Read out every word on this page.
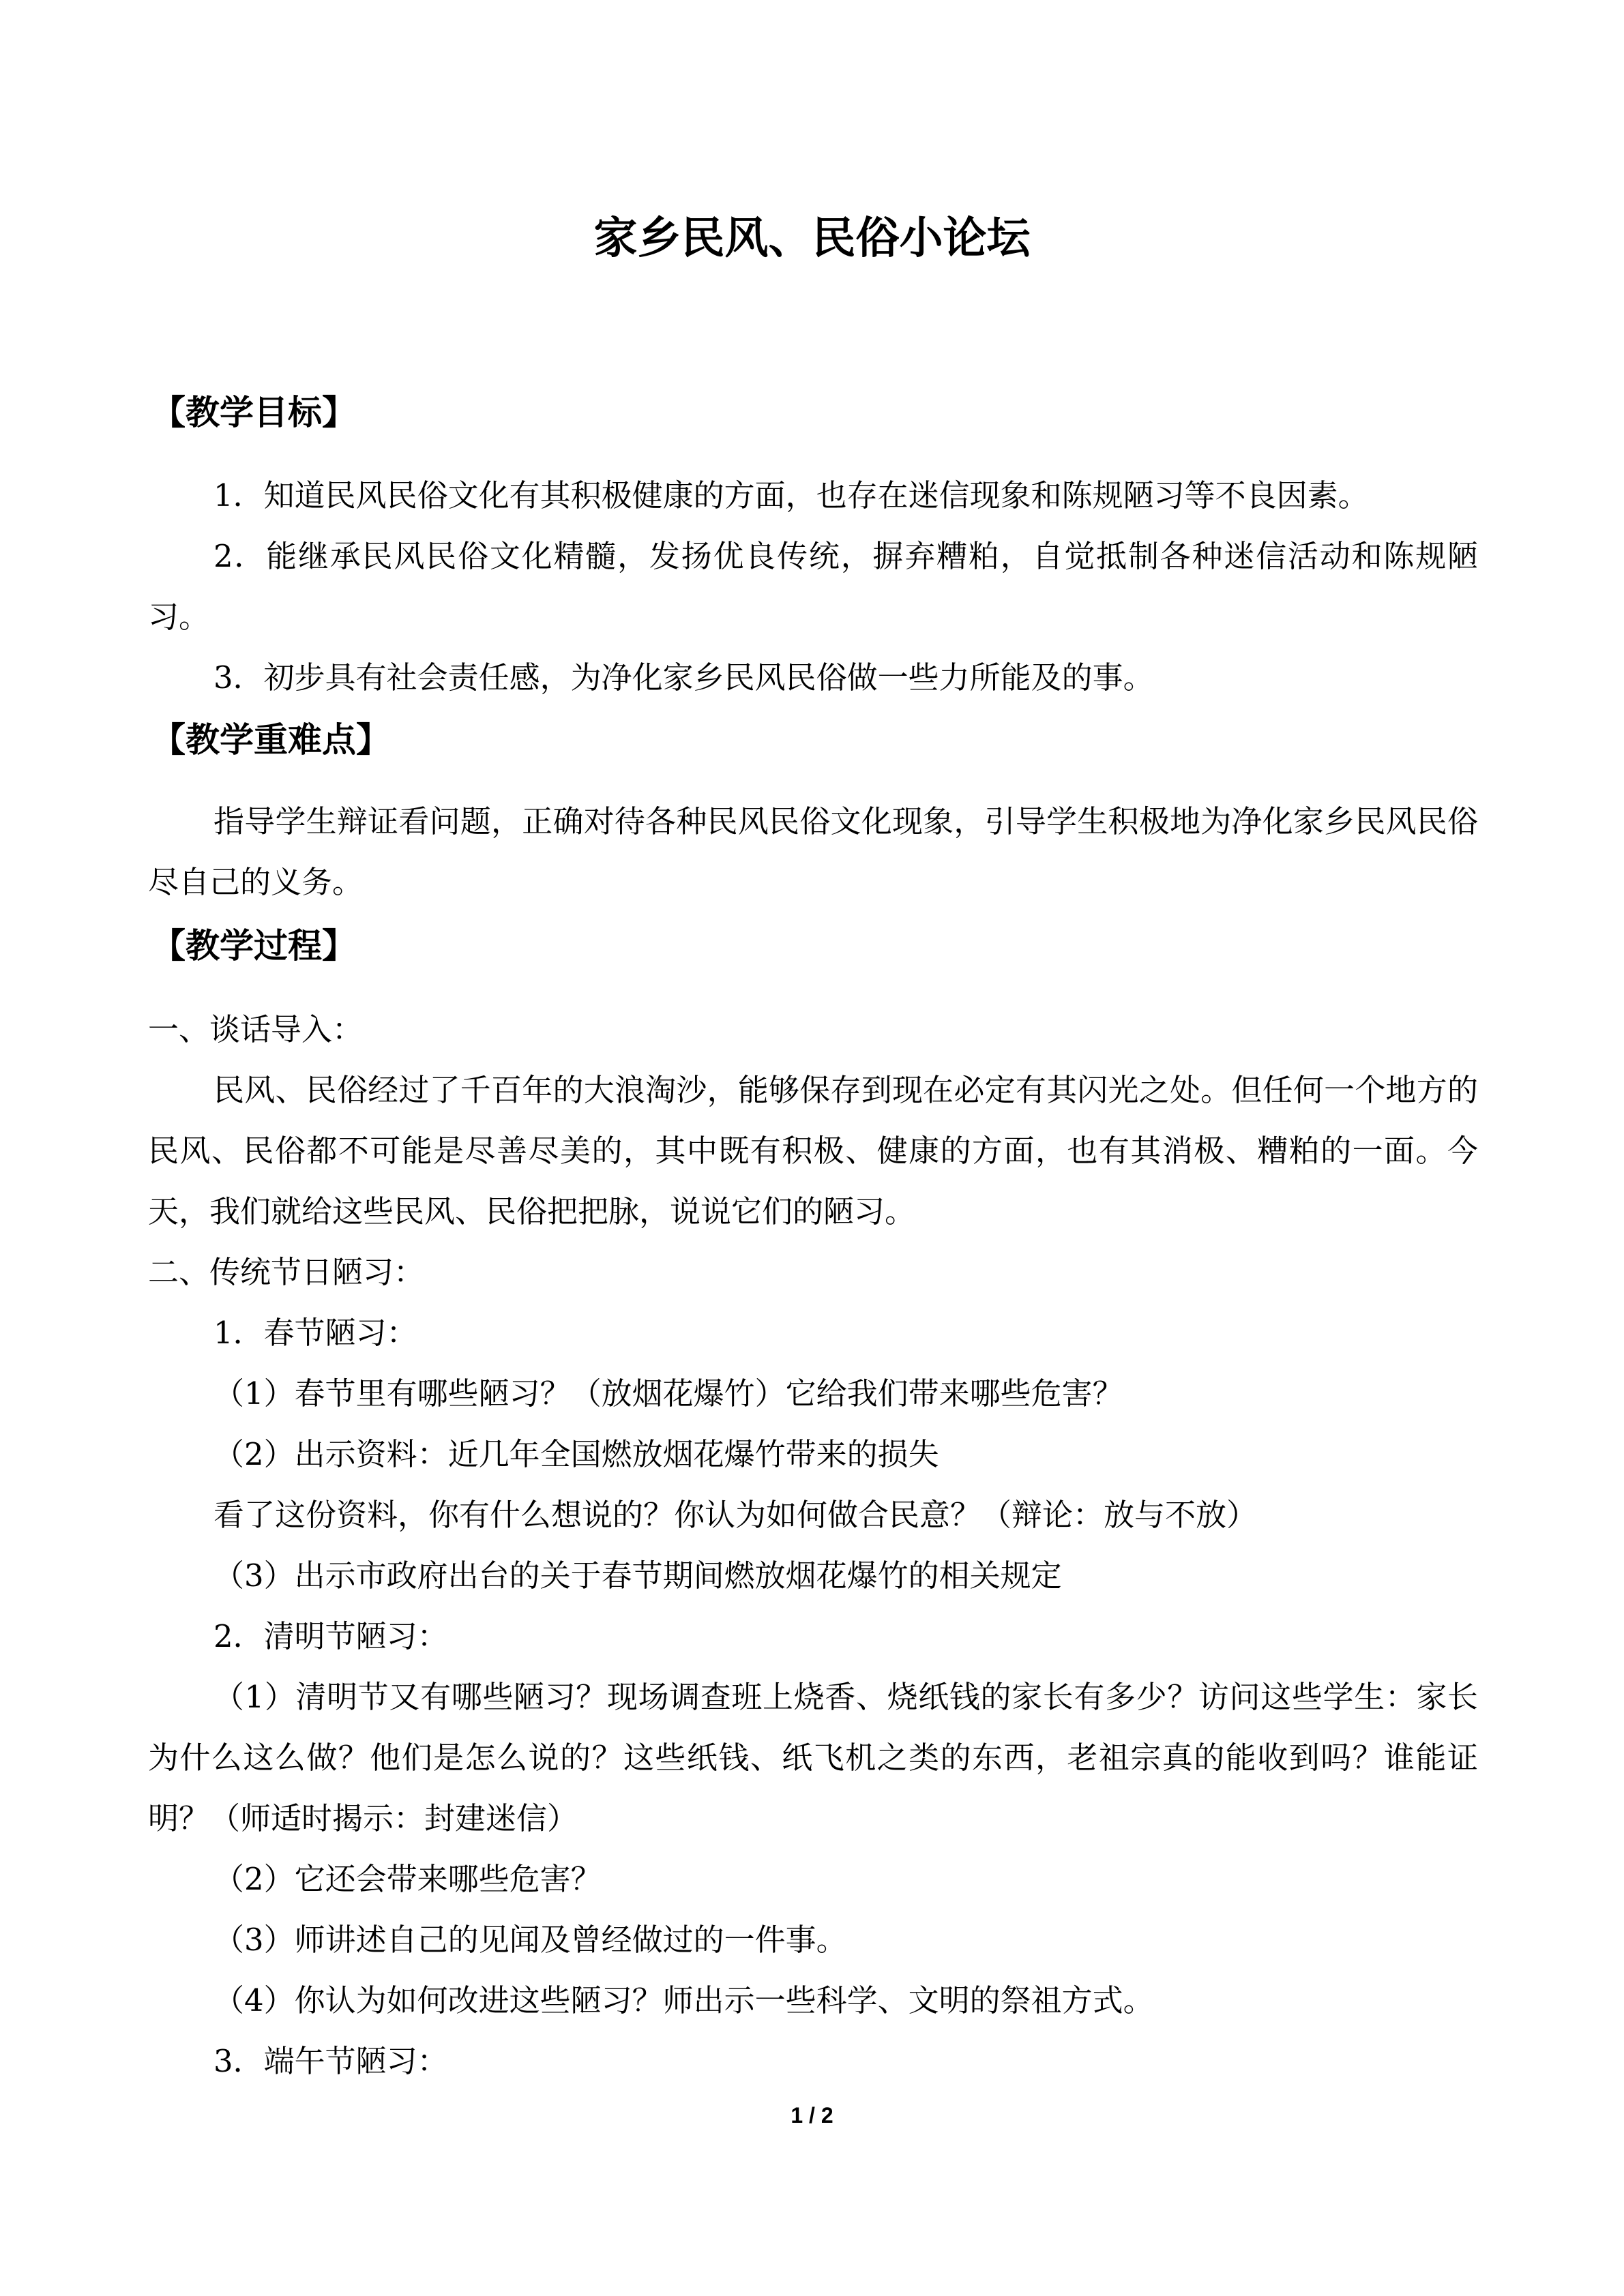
家乡民风、民俗小论坛
【教学目标】

1．知道民风民俗文化有其积极健康的方面，也存在迷信现象和陈规陋习等不良因素。

2．能继承民风民俗文化精髓，发扬优良传统，摒弃糟粕，自觉抵制各种迷信活动和陈规陋习。

3．初步具有社会责任感，为净化家乡民风民俗做一些力所能及的事。

【教学重难点】

指导学生辩证看问题，正确对待各种民风民俗文化现象，引导学生积极地为净化家乡民风民俗尽自己的义务。

【教学过程】

一、谈话导入：

民风、民俗经过了千百年的大浪淘沙，能够保存到现在必定有其闪光之处。但任何一个地方的民风、民俗都不可能是尽善尽美的，其中既有积极、健康的方面，也有其消极、糟粕的一面。今天，我们就给这些民风、民俗把把脉，说说它们的陋习。

二、传统节日陋习：

1．春节陋习：

（1）春节里有哪些陋习？（放烟花爆竹）它给我们带来哪些危害？

（2）出示资料：近几年全国燃放烟花爆竹带来的损失

看了这份资料，你有什么想说的？你认为如何做合民意？（辩论：放与不放）

（3）出示市政府出台的关于春节期间燃放烟花爆竹的相关规定

2．清明节陋习：

（1）清明节又有哪些陋习？现场调查班上烧香、烧纸钱的家长有多少？访问这些学生：家长为什么这么做？他们是怎么说的？这些纸钱、纸飞机之类的东西，老祖宗真的能收到吗？谁能证明？（师适时揭示：封建迷信）

（2）它还会带来哪些危害？

（3）师讲述自己的见闻及曾经做过的一件事。

（4）你认为如何改进这些陋习？师出示一些科学、文明的祭祖方式。

3．端午节陋习：

1 / 2
